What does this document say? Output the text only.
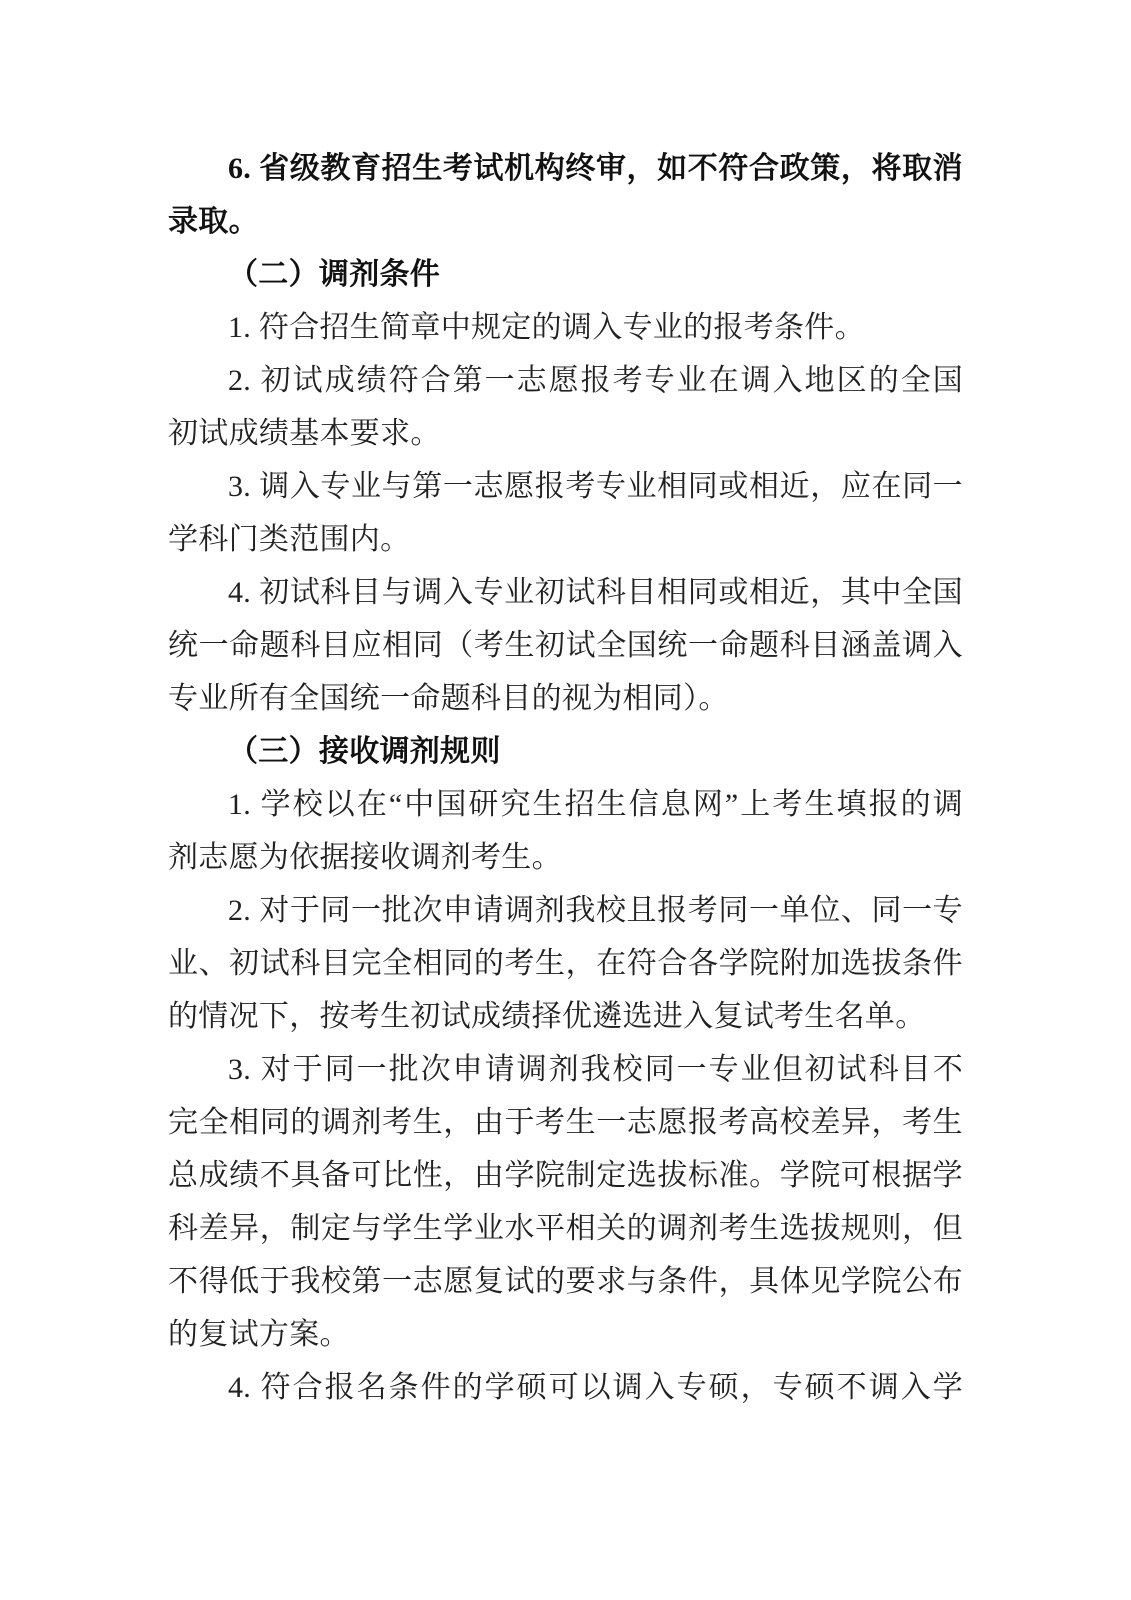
6. 省级教育招生考试机构终审，如不符合政策，将取消
录取。
（二）调剂条件
1. 符合招生简章中规定的调入专业的报考条件。
2. 初试成绩符合第一志愿报考专业在调入地区的全国
初试成绩基本要求。
3. 调入专业与第一志愿报考专业相同或相近，应在同一
学科门类范围内。
4. 初试科目与调入专业初试科目相同或相近，其中全国
统一命题科目应相同（考生初试全国统一命题科目涵盖调入
专业所有全国统一命题科目的视为相同）。
（三）接收调剂规则
1. 学校以在“中国研究生招生信息网”上考生填报的调
剂志愿为依据接收调剂考生。
2. 对于同一批次申请调剂我校且报考同一单位、同一专
业、初试科目完全相同的考生，在符合各学院附加选拔条件
的情况下，按考生初试成绩择优遴选进入复试考生名单。
3. 对于同一批次申请调剂我校同一专业但初试科目不
完全相同的调剂考生，由于考生一志愿报考高校差异，考生
总成绩不具备可比性，由学院制定选拔标准。学院可根据学
科差异，制定与学生学业水平相关的调剂考生选拔规则，但
不得低于我校第一志愿复试的要求与条件，具体见学院公布
的复试方案。
4. 符合报名条件的学硕可以调入专硕，专硕不调入学
